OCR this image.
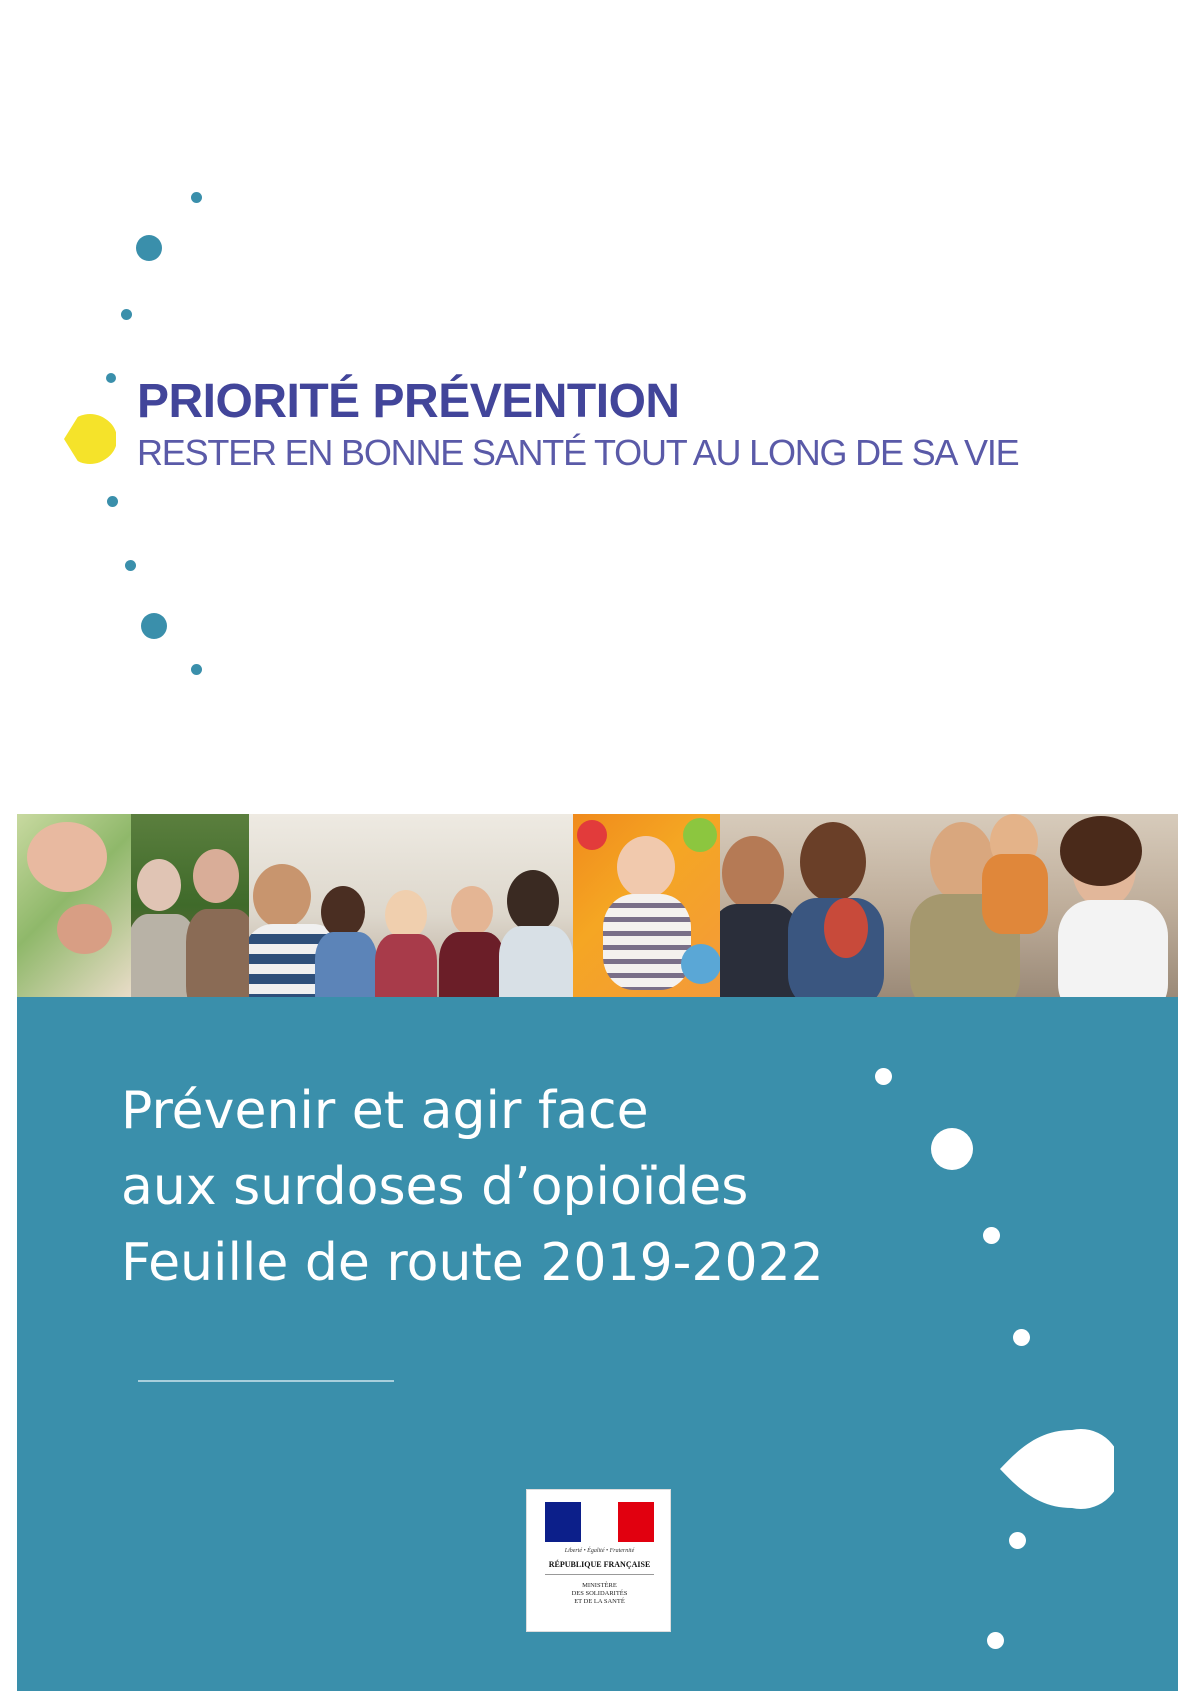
PRIORITÉ PRÉVENTION

RESTER EN BONNE SANTÉ TOUT AU LONG DE SA VIE

Prévenir et agir face
aux surdoses d’opioïdes
Feuille de route 2019-2022
Liberté • Égalité • Fraternité
RÉPUBLIQUE FRANÇAISE
MINISTÈRE
DES SOLIDARITÉS
ET DE LA SANTÉ
